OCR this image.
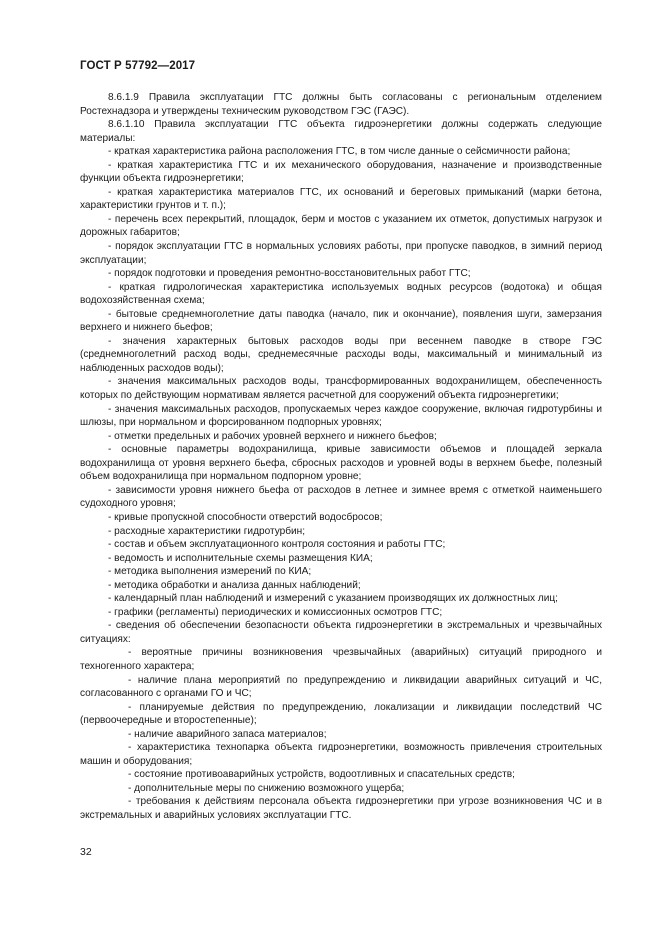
ГОСТ Р 57792—2017

8.6.1.9 Правила эксплуатации ГТС должны быть согласованы с региональным отделением Ростехнадзора и утверждены техническим руководством ГЭС (ГАЭС).

8.6.1.10 Правила эксплуатации ГТС объекта гидроэнергетики должны содержать следующие материалы:

- краткая характеристика района расположения ГТС, в том числе данные о сейсмичности района;

- краткая характеристика ГТС и их механического оборудования, назначение и производственные функции объекта гидроэнергетики;

- краткая характеристика материалов ГТС, их оснований и береговых примыканий (марки бетона, характеристики грунтов и т. п.);

- перечень всех перекрытий, площадок, берм и мостов с указанием их отметок, допустимых нагрузок и дорожных габаритов;

- порядок эксплуатации ГТС в нормальных условиях работы, при пропуске паводков, в зимний период эксплуатации;

- порядок подготовки и проведения ремонтно-восстановительных работ ГТС;

- краткая гидрологическая характеристика используемых водных ресурсов (водотока) и общая водохозяйственная схема;

- бытовые среднемноголетние даты паводка (начало, пик и окончание), появления шуги, замерзания верхнего и нижнего бьефов;

- значения характерных бытовых расходов воды при весеннем паводке в створе ГЭС (среднемноголетний расход воды, среднемесячные расходы воды, максимальный и минимальный из наблюденных расходов воды);

- значения максимальных расходов воды, трансформированных водохранилищем, обеспеченность которых по действующим нормативам является расчетной для сооружений объекта гидроэнергетики;

- значения максимальных расходов, пропускаемых через каждое сооружение, включая гидротурбины и шлюзы, при нормальном и форсированном подпорных уровнях;

- отметки предельных и рабочих уровней верхнего и нижнего бьефов;

- основные параметры водохранилища, кривые зависимости объемов и площадей зеркала водохранилища от уровня верхнего бьефа, сбросных расходов и уровней воды в верхнем бьефе, полезный объем водохранилища при нормальном подпорном уровне;

- зависимости уровня нижнего бьефа от расходов в летнее и зимнее время с отметкой наименьшего судоходного уровня;

- кривые пропускной способности отверстий водосбросов;

- расходные характеристики гидротурбин;

- состав и объем эксплуатационного контроля состояния и работы ГТС;

- ведомость и исполнительные схемы размещения КИА;

- методика выполнения измерений по КИА;

- методика обработки и анализа данных наблюдений;

- календарный план наблюдений и измерений с указанием производящих их должностных лиц;

- графики (регламенты) периодических и комиссионных осмотров ГТС;

- сведения об обеспечении безопасности объекта гидроэнергетики в экстремальных и чрезвычайных ситуациях:

- вероятные причины возникновения чрезвычайных (аварийных) ситуаций природного и техногенного характера;

- наличие плана мероприятий по предупреждению и ликвидации аварийных ситуаций и ЧС, согласованного с органами ГО и ЧС;

- планируемые действия по предупреждению, локализации и ликвидации последствий ЧС (первоочередные и второстепенные);

- наличие аварийного запаса материалов;

- характеристика технопарка объекта гидроэнергетики, возможность привлечения строительных машин и оборудования;

- состояние противоаварийных устройств, водоотливных и спасательных средств;

- дополнительные меры по снижению возможного ущерба;

- требования к действиям персонала объекта гидроэнергетики при угрозе возникновения ЧС и в экстремальных и аварийных условиях эксплуатации ГТС.

32
